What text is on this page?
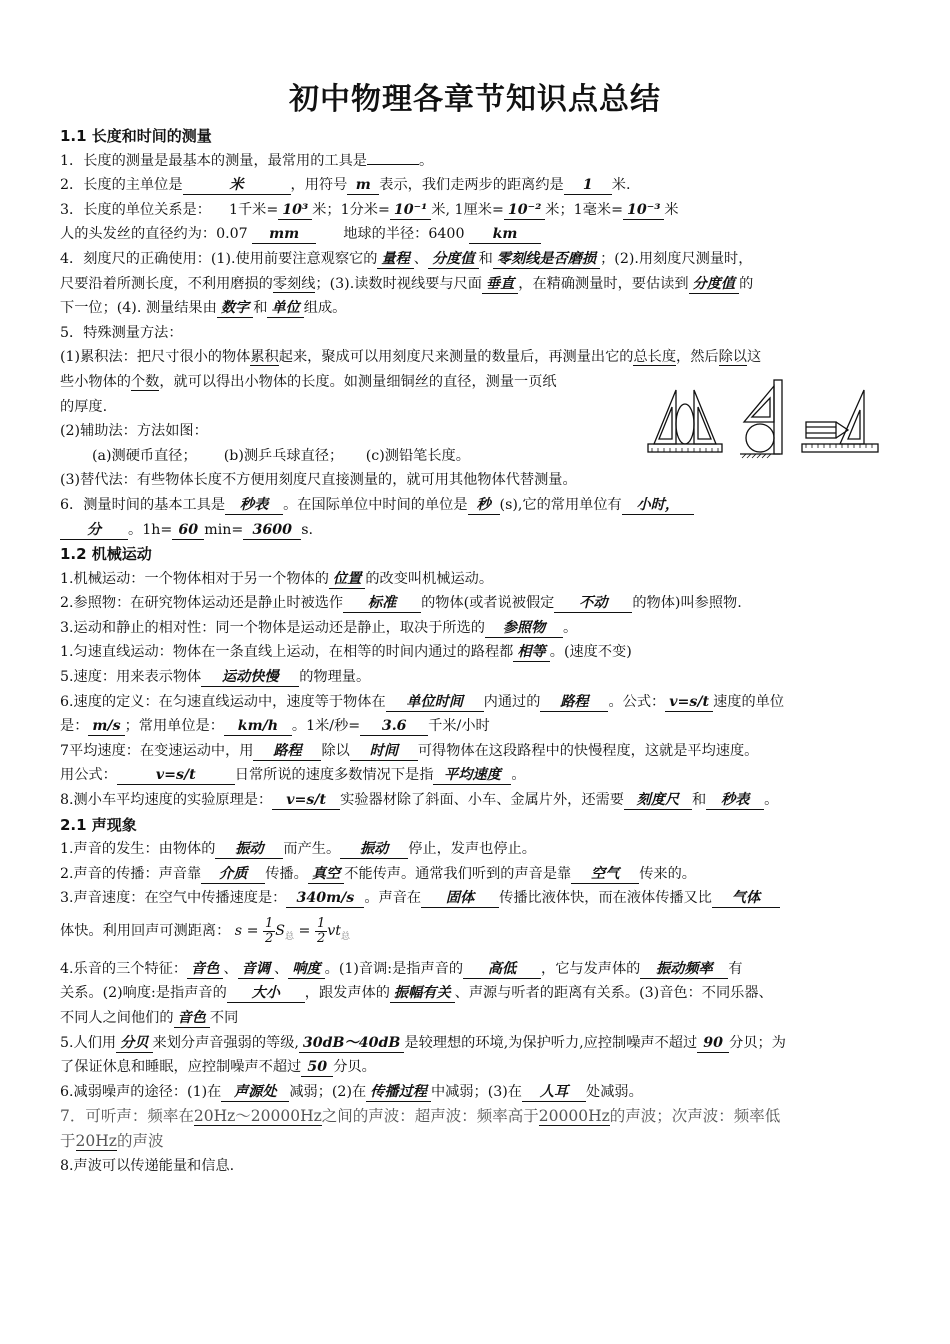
初中物理各章节知识点总结
1.1 长度和时间的测量
1．长度的测量是最基本的测量，最常用的工具是	。
2．长度的主单位是	米	，用符号 m 表示，我们走两步的距离约是 1 米.
3．长度的单位关系是： 1千米= 10³ 米；1分米= 10⁻¹ 米, 1厘米= 10⁻² 米；1毫米= 10⁻³ 米
人的头发丝的直径约为：0.07 mm	地球的半径：6400 km
4．刻度尺的正确使用：(1).使用前要注意观察它的 量程 、 分度值 和 零刻线是否磨损 ；(2).用刻度尺测量时，
尺要沿着所测长度，不利用磨损的零刻线；(3).读数时视线要与尺面 垂直 ，在精确测量时，要估读到 分度值 的
下一位；(4). 测量结果由 数字 和 单位 组成。
5．特殊测量方法：
(1)累积法：把尺寸很小的物体累积起来，聚成可以用刻度尺来测量的数量后，再测量出它的总长度，然后除以这
些小物体的个数，就可以得出小物体的长度。如测量细铜丝的直径，测量一页纸
的厚度.
(2)辅助法：方法如图：
(a)测硬币直径； (b)测乒乓球直径； (c)测铅笔长度。
(3)替代法：有些物体长度不方便用刻度尺直接测量的，就可用其他物体代替测量。
6．测量时间的基本工具是 秒表 。在国际单位中时间的单位是 秒 (s),它的常用单位有 小时，
分 。1h= 60 min= 3600 s.
1.2 机械运动
1.机械运动：一个物体相对于另一个物体的 位置 的改变叫机械运动。
2.参照物：在研究物体运动还是静止时被选作 标准 的物体(或者说被假定 不动 的物体)叫参照物.
3.运动和静止的相对性：同一个物体是运动还是静止，取决于所选的 参照物 。
1.匀速直线运动：物体在一条直线上运动，在相等的时间内通过的路程都 相等 。(速度不变)
5.速度：用来表示物体 运动快慢 的物理量。
6.速度的定义：在匀速直线运动中，速度等于物体在 单位时间 内通过的 路程 。公式： v=s/t 速度的单位
是： m/s ；常用单位是： km/h 。1米/秒= 3.6 千米/小时
7平均速度：在变速运动中，用 路程 除以 时间 可得物体在这段路程中的快慢程度，这就是平均速度。
用公式：	v=s/t	日常所说的速度多数情况下是指 平均速度 。
8.测小车平均速度的实验原理是： v=s/t 实验器材除了斜面、小车、金属片外，还需要 刻度尺 和 秒表 。
2.1 声现象
1.声音的发生：由物体的 振动 而产生。 振动 停止，发声也停止。
2.声音的传播：声音靠 介质 传播。 真空 不能传声。通常我们听到的声音是靠 空气 传来的。
3.声音速度：在空气中传播速度是： 340m/s 。声音在 固体 传播比液体快，而在液体传播又比 气体
体快。利用回声可测距离： $s = \frac{1}{2} S_总 = \frac{1}{2} vt_总$
4.乐音的三个特征： 音色 、 音调 、 响度 。(1)音调:是指声音的 高低 ，它与发声体的 振动频率 有
关系。(2)响度:是指声音的 大小 ，跟发声体的 振幅有关 、声源与听者的距离有关系。(3)音色：不同乐器、
不同人之间他们的 音色 不同
5.人们用 分贝 来划分声音强弱的等级, 30dB～40dB 是较理想的环境,为保护听力,应控制噪声不超过 90 分贝；为
了保证休息和睡眠，应控制噪声不超过 50 分贝。
6.减弱噪声的途径：(1)在 声源处 减弱；(2)在 传播过程 中减弱；(3)在 人耳 处减弱。
7．可听声：频率在20Hz～20000Hz之间的声波：超声波：频率高于20000Hz的声波；次声波：频率低
于20Hz的声波
8.声波可以传递能量和信息.
